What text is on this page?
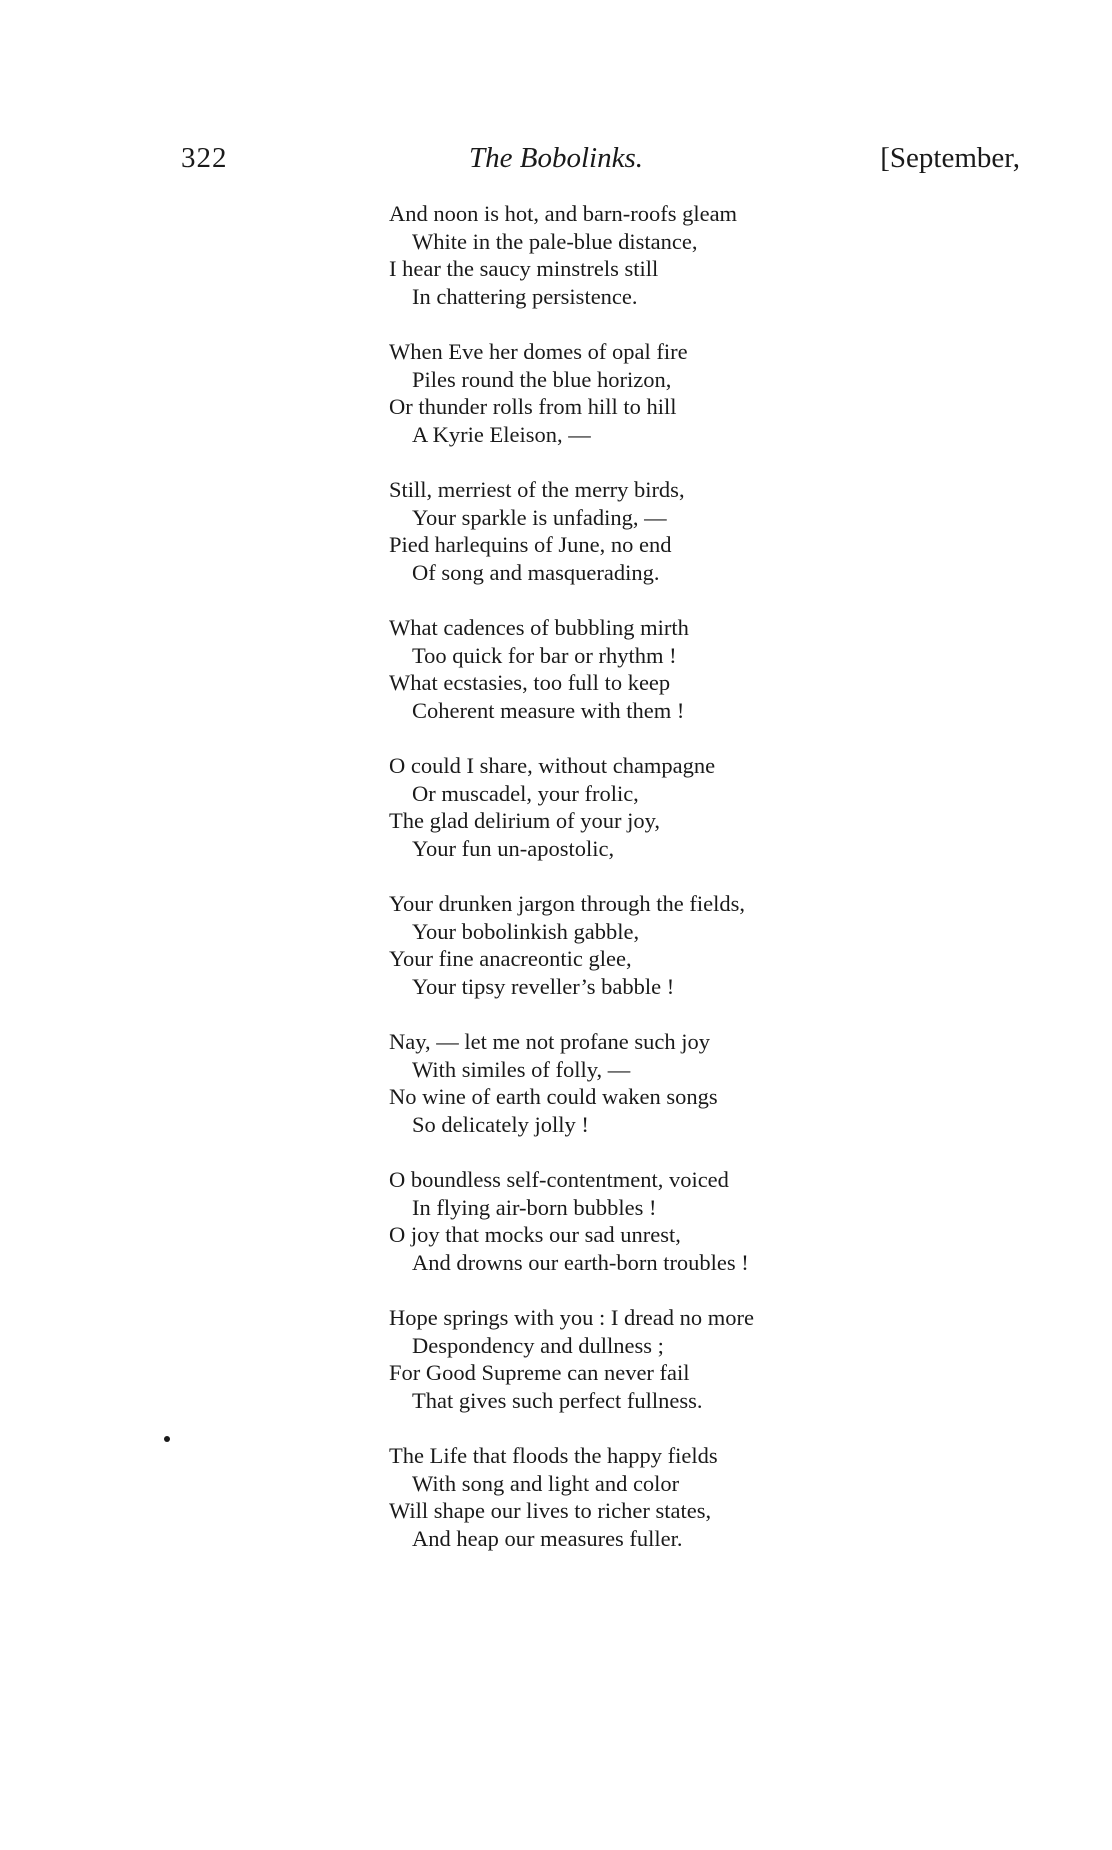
322	The Bobolinks.	[September,
And noon is hot, and barn-roofs gleam
White in the pale-blue distance,
I hear the saucy minstrels still
In chattering persistence.
When Eve her domes of opal fire
Piles round the blue horizon,
Or thunder rolls from hill to hill
A Kyrie Eleison, —
Still, merriest of the merry birds,
Your sparkle is unfading, —
Pied harlequins of June, no end
Of song and masquerading.
What cadences of bubbling mirth
Too quick for bar or rhythm !
What ecstasies, too full to keep
Coherent measure with them !
O could I share, without champagne
Or muscadel, your frolic,
The glad delirium of your joy,
Your fun un-apostolic,
Your drunken jargon through the fields,
Your bobolinkish gabble,
Your fine anacreontic glee,
Your tipsy reveller’s babble !
Nay, — let me not profane such joy
With similes of folly, —
No wine of earth could waken songs
So delicately jolly !
O boundless self-contentment, voiced
In flying air-born bubbles !
O joy that mocks our sad unrest,
And drowns our earth-born troubles !
Hope springs with you : I dread no more
Despondency and dullness ;
For Good Supreme can never fail
That gives such perfect fullness.
The Life that floods the happy fields
With song and light and color
Will shape our lives to richer states,
And heap our measures fuller.
